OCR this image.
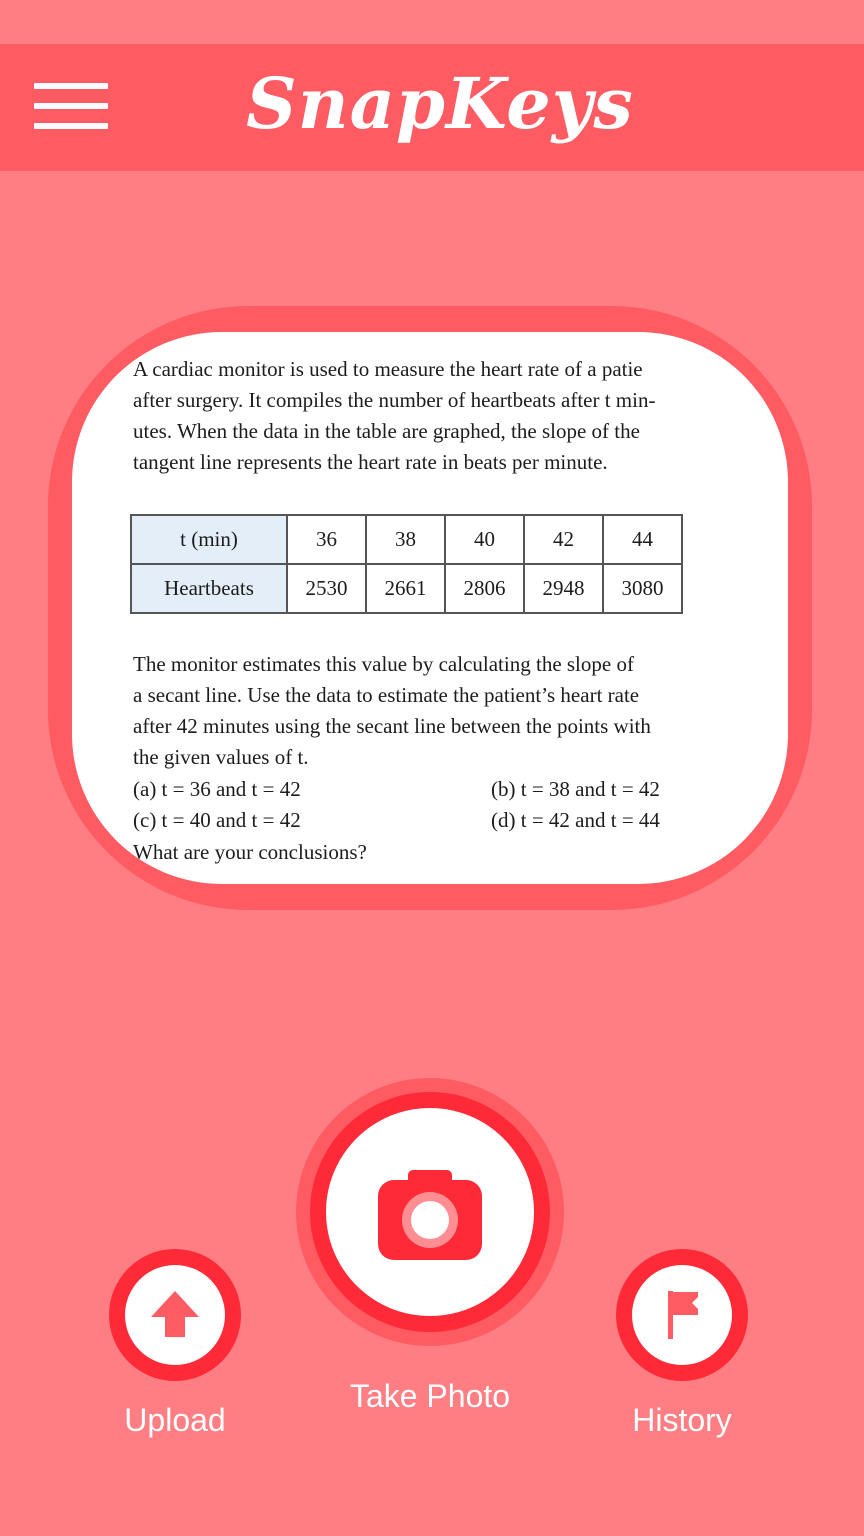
SnapKeys
. A cardiac monitor is used to measure the heart rate of a patie
after surgery. It compiles the number of heartbeats after t min-
utes. When the data in the table are graphed, the slope of the
tangent line represents the heart rate in beats per minute.
t (min)	36	38	40	42	44
Heartbeats	2530	2661	2806	2948	3080
The monitor estimates this value by calculating the slope of
a secant line. Use the data to estimate the patient’s heart rate
after 42 minutes using the secant line between the points with
the given values of t.
(a) t = 36 and t = 42	(b) t = 38 and t = 42
(c) t = 40 and t = 42	(d) t = 42 and t = 44
What are your conclusions?
Take Photo
Upload	History
